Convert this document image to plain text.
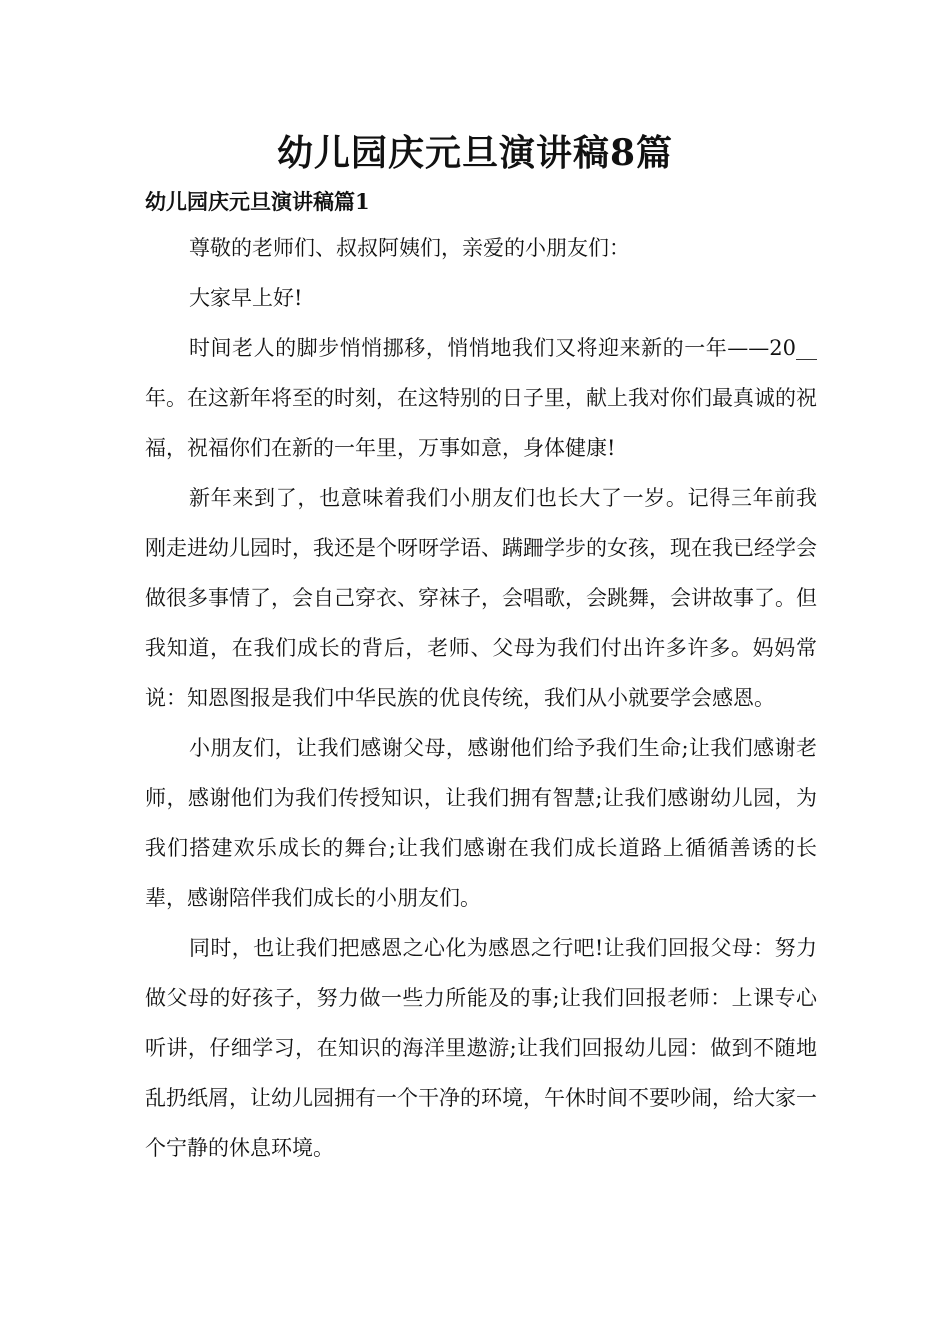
幼儿园庆元旦演讲稿8篇
幼儿园庆元旦演讲稿篇1

尊敬的老师们、叔叔阿姨们，亲爱的小朋友们：

大家早上好!

时间老人的脚步悄悄挪移，悄悄地我们又将迎来新的一年——20__年。在这新年将至的时刻，在这特别的日子里，献上我对你们最真诚的祝福，祝福你们在新的一年里，万事如意，身体健康!

新年来到了，也意味着我们小朋友们也长大了一岁。记得三年前我刚走进幼儿园时，我还是个呀呀学语、蹒跚学步的女孩，现在我已经学会做很多事情了，会自己穿衣、穿袜子，会唱歌，会跳舞，会讲故事了。但我知道，在我们成长的背后，老师、父母为我们付出许多许多。妈妈常说：知恩图报是我们中华民族的优良传统，我们从小就要学会感恩。

小朋友们，让我们感谢父母，感谢他们给予我们生命;让我们感谢老师，感谢他们为我们传授知识，让我们拥有智慧;让我们感谢幼儿园，为我们搭建欢乐成长的舞台;让我们感谢在我们成长道路上循循善诱的长辈，感谢陪伴我们成长的小朋友们。

同时，也让我们把感恩之心化为感恩之行吧!让我们回报父母：努力做父母的好孩子，努力做一些力所能及的事;让我们回报老师：上课专心听讲，仔细学习，在知识的海洋里遨游;让我们回报幼儿园：做到不随地乱扔纸屑，让幼儿园拥有一个干净的环境，午休时间不要吵闹，给大家一个宁静的休息环境。
